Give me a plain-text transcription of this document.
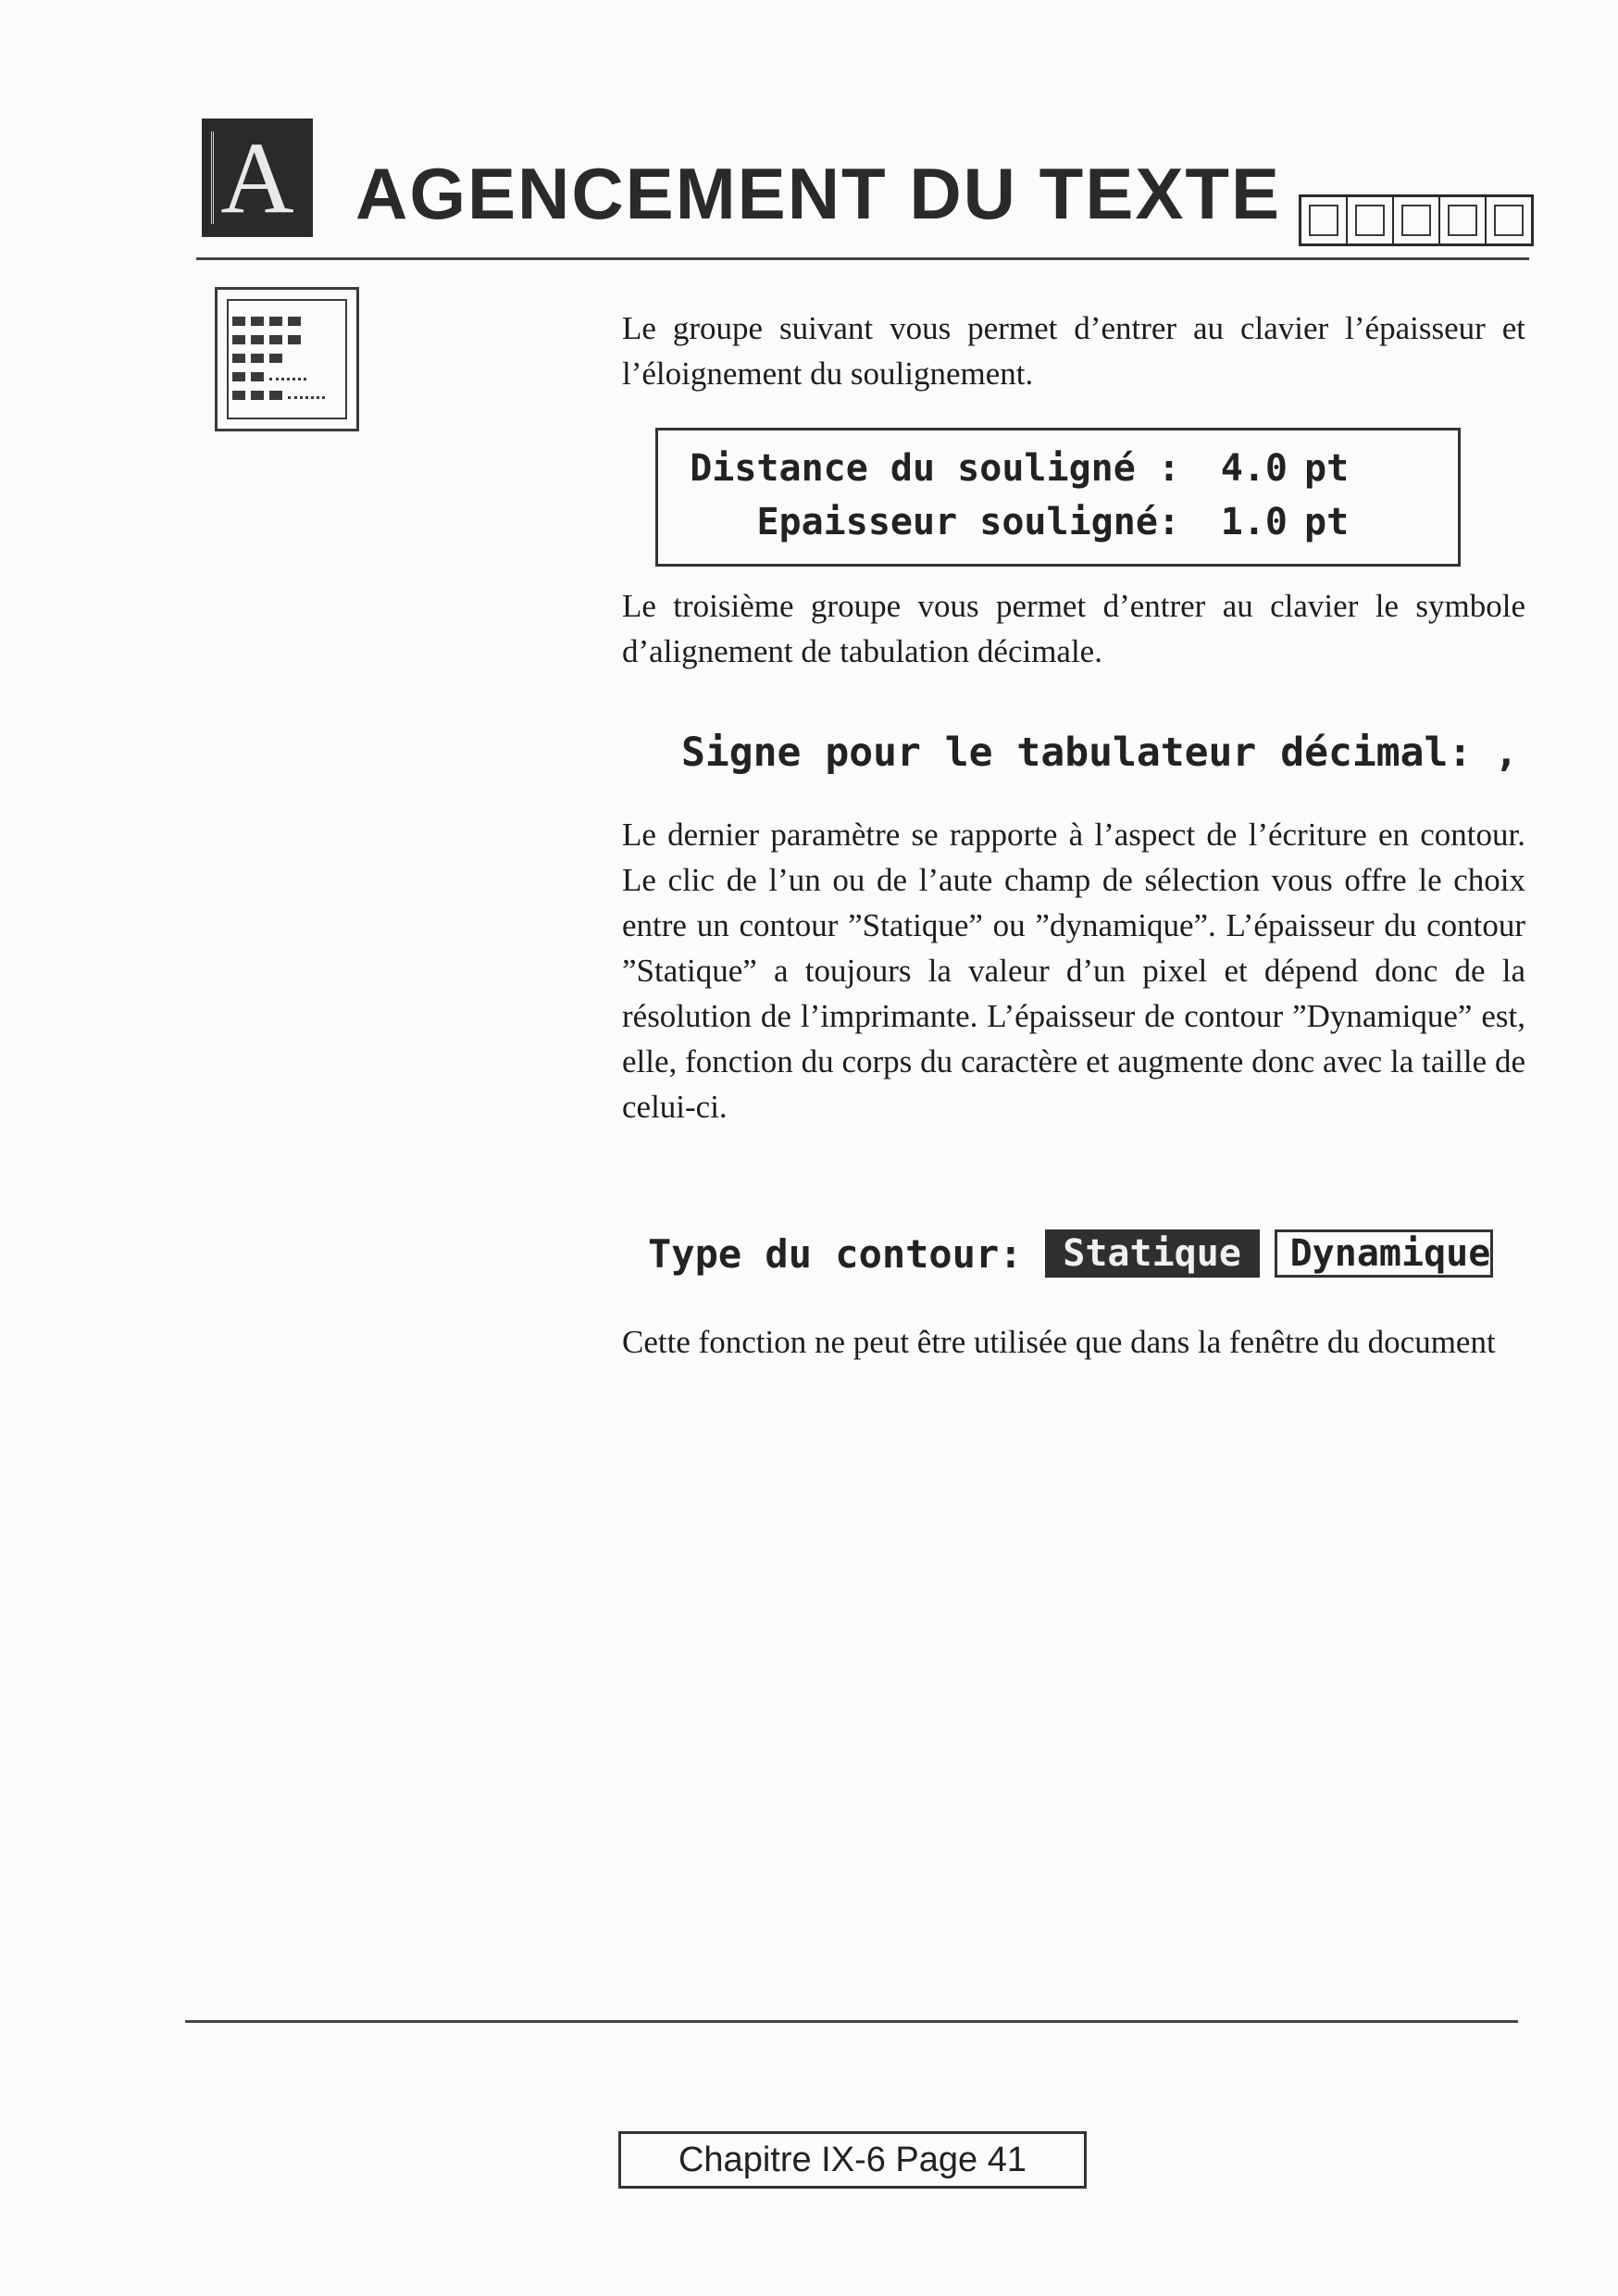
A AGENCEMENT DU TEXTE
Le groupe suivant vous permet d’entrer au clavier l’épaisseur et l’éloignement du soulignement.
Distance du souligné : 4.0 pt
Epaisseur souligné: 1.0 pt
Le troisième groupe vous permet d’entrer au clavier le symbole d’alignement de tabulation décimale.
Signe pour le tabulateur décimal: ,
Le dernier paramètre se rapporte à l’aspect de l’écriture en contour. Le clic de l’un ou de l’aute champ de sélection vous offre le choix entre un contour ”Statique” ou ”dynamique”. L’épaisseur du contour ”Statique” a toujours la valeur d’un pixel et dépend donc de la résolution de l’imprimante. L’épaisseur de contour ”Dynamique” est, elle, fonction du corps du caractère et augmente donc avec la taille de celui-ci.
Type du contour:	Statique	Dynamique
Cette fonction ne peut être utilisée que dans la fenêtre du document
Chapitre IX-6 Page 41
